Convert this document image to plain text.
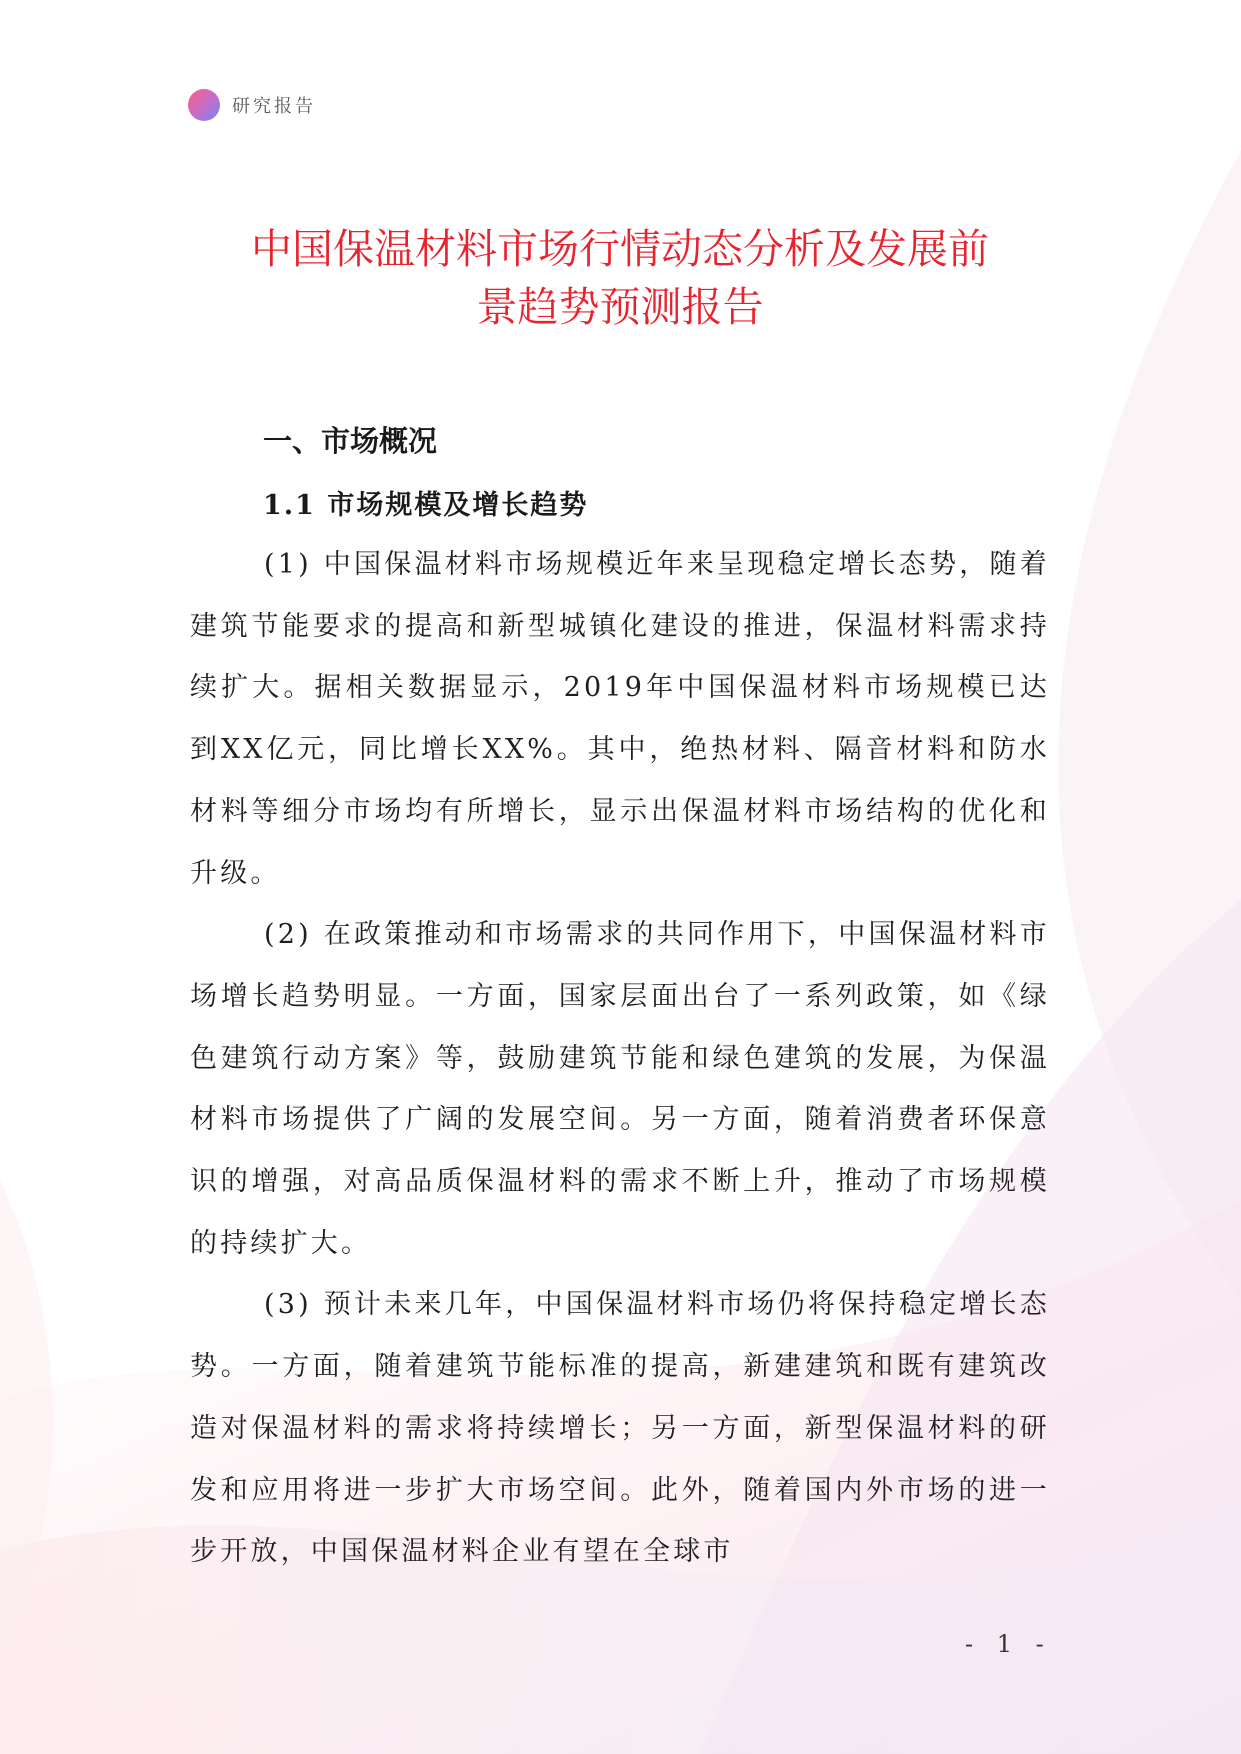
研究报告
中国保温材料市场行情动态分析及发展前
景趋势预测报告
一、市场概况
1.1 市场规模及增长趋势

(1) 中国保温材料市场规模近年来呈现稳定增长态势，随着建筑节能要求的提高和新型城镇化建设的推进，保温材料需求持续扩大。据相关数据显示，2019年中国保温材料市场规模已达到XX亿元，同比增长XX%。其中，绝热材料、隔音材料和防水材料等细分市场均有所增长，显示出保温材料市场结构的优化和升级。

(2) 在政策推动和市场需求的共同作用下，中国保温材料市场增长趋势明显。一方面，国家层面出台了一系列政策，如《绿色建筑行动方案》等，鼓励建筑节能和绿色建筑的发展，为保温材料市场提供了广阔的发展空间。另一方面，随着消费者环保意识的增强，对高品质保温材料的需求不断上升，推动了市场规模的持续扩大。

(3) 预计未来几年，中国保温材料市场仍将保持稳定增长态势。一方面，随着建筑节能标准的提高，新建建筑和既有建筑改造对保温材料的需求将持续增长；另一方面，新型保温材料的研发和应用将进一步扩大市场空间。此外，随着国内外市场的进一步开放，中国保温材料企业有望在全球市

- 1 -
